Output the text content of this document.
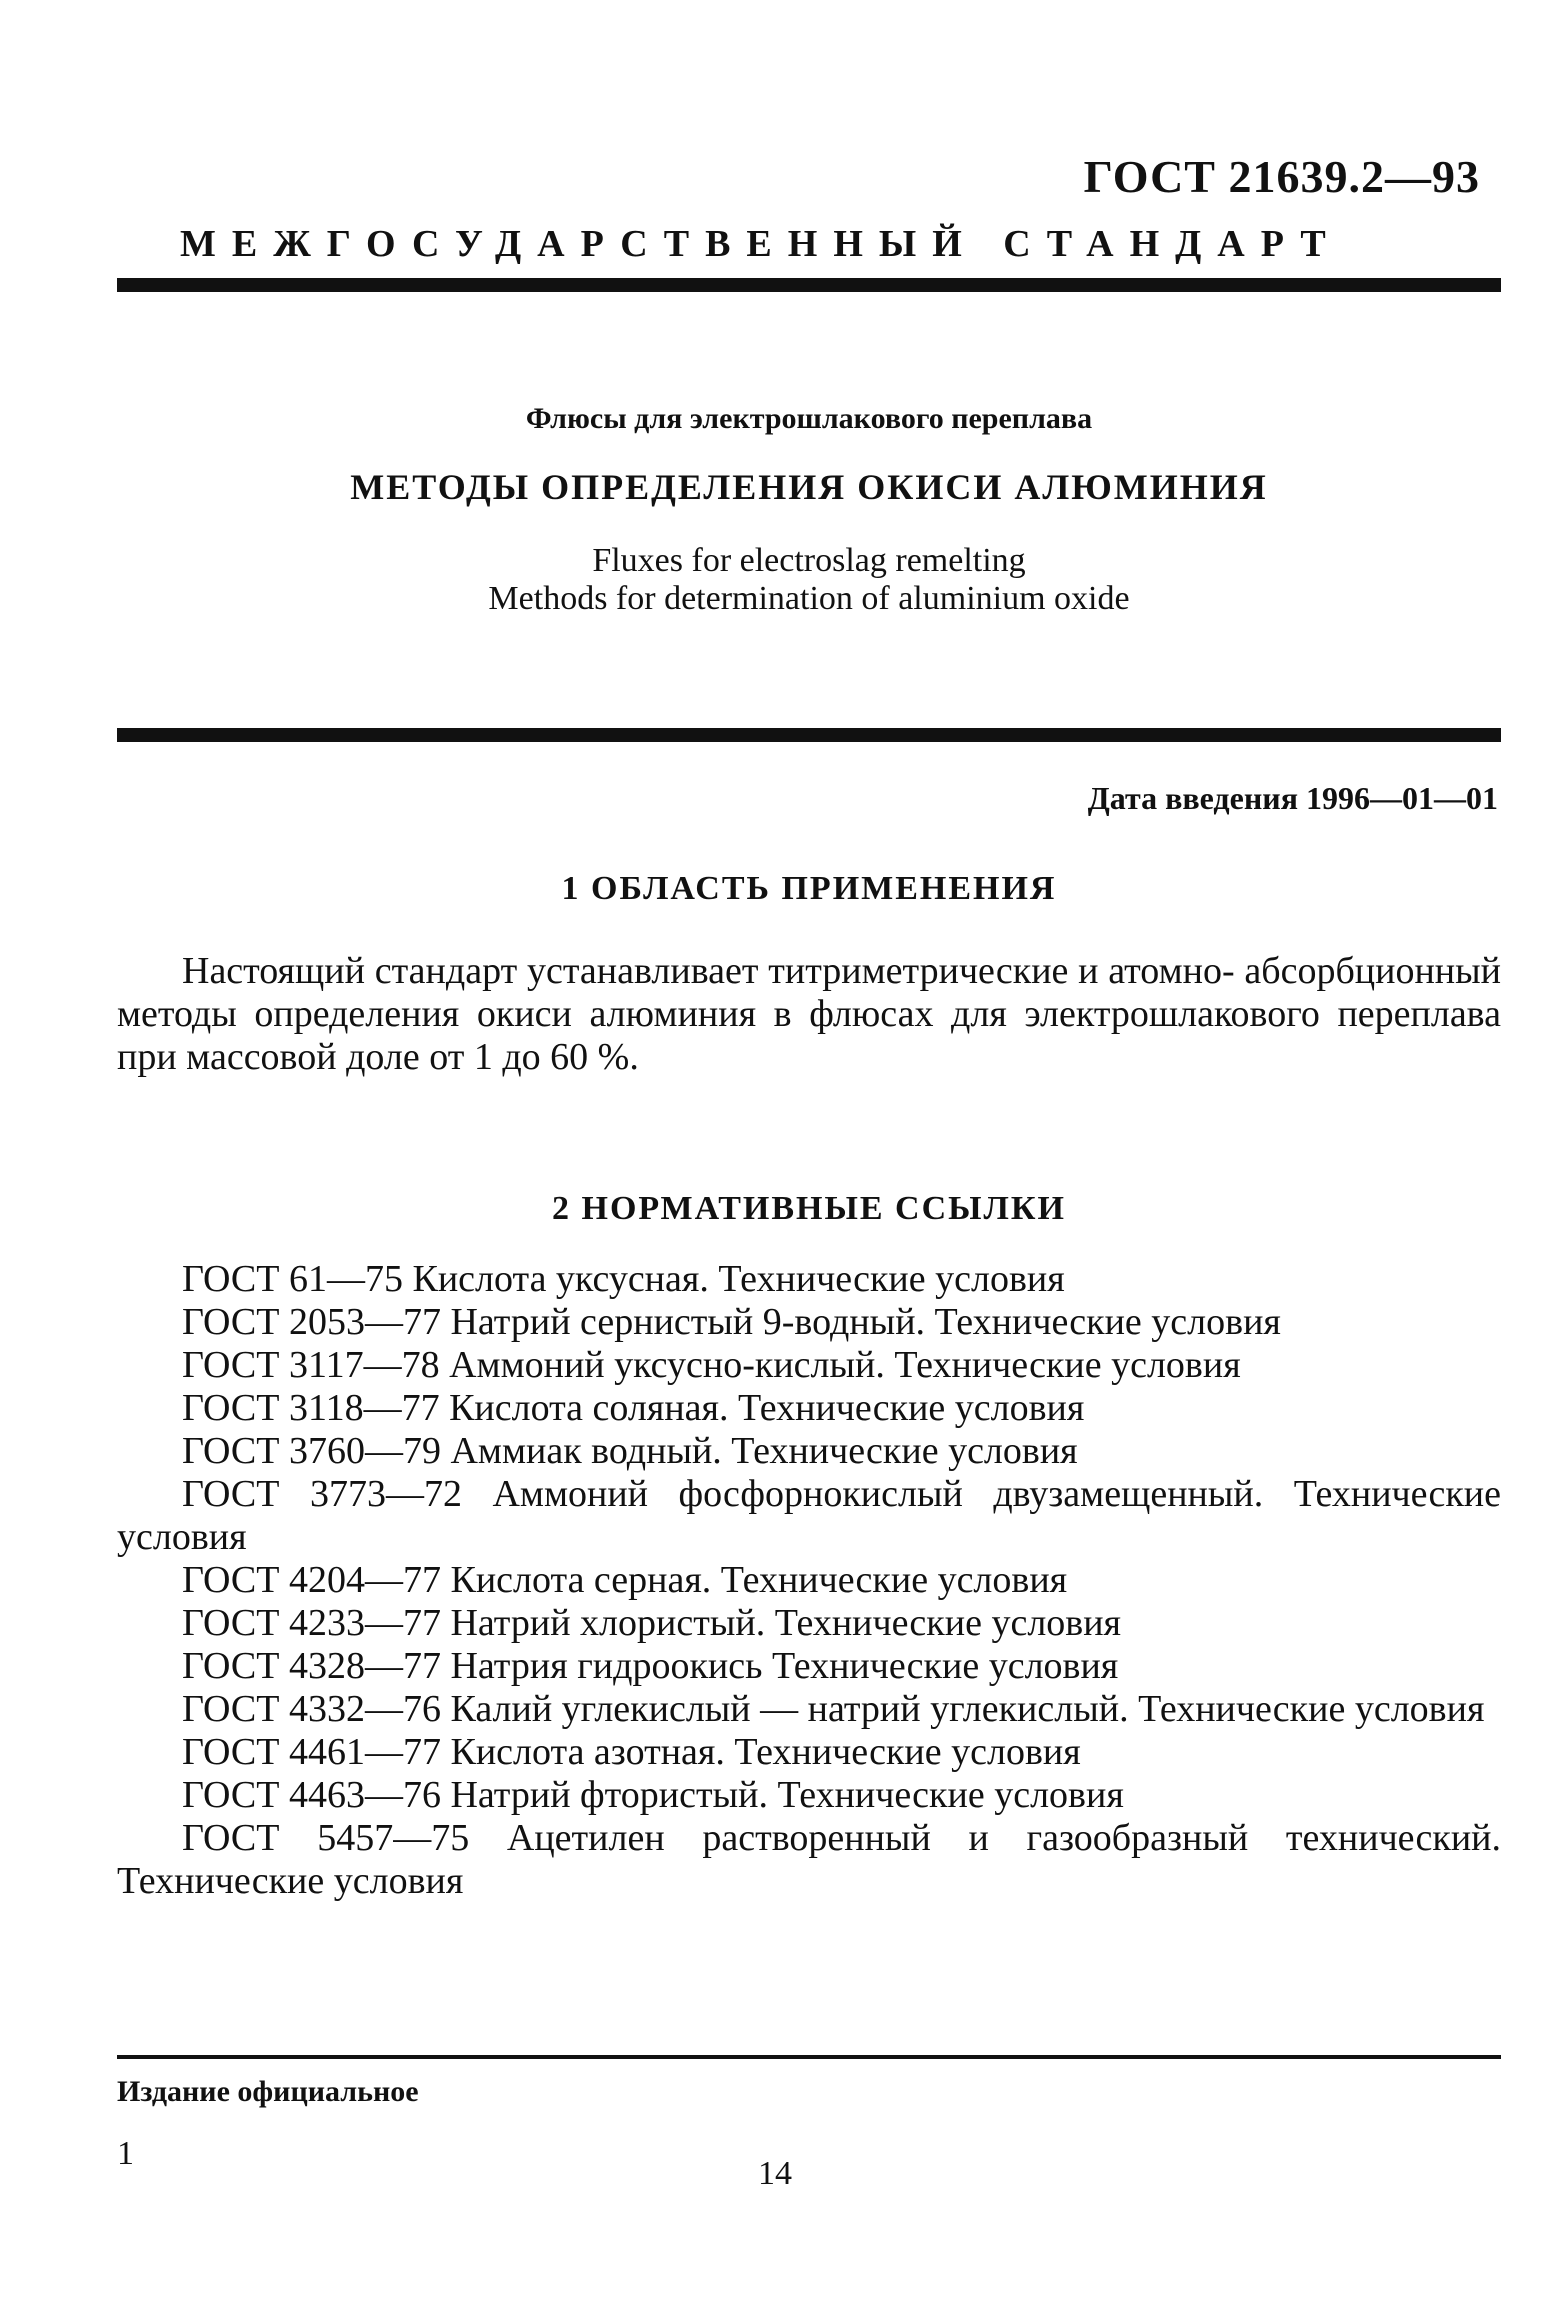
ГОСТ 21639.2—93
МЕЖГОСУДАРСТВЕННЫЙ СТАНДАРТ
Флюсы для электрошлакового переплава
МЕТОДЫ ОПРЕДЕЛЕНИЯ ОКИСИ АЛЮМИНИЯ
Fluxes for electroslag remelting
Methods for determination of aluminium oxide
Дата введения 1996—01—01
1 ОБЛАСТЬ ПРИМЕНЕНИЯ
Настоящий стандарт устанавливает титриметрические и атомно- абсорбционный методы определения окиси алюминия в флюсах для электрошлакового переплава при массовой доле от 1 до 60 %.
2 НОРМАТИВНЫЕ ССЫЛКИ

ГОСТ 61—75 Кислота уксусная. Технические условия

ГОСТ 2053—77 Натрий сернистый 9-водный. Технические условия

ГОСТ 3117—78 Аммоний уксусно-кислый. Технические условия

ГОСТ 3118—77 Кислота соляная. Технические условия

ГОСТ 3760—79 Аммиак водный. Технические условия

ГОСТ 3773—72 Аммоний фосфорнокислый двузамещенный. Технические условия

ГОСТ 4204—77 Кислота серная. Технические условия

ГОСТ 4233—77 Натрий хлористый. Технические условия

ГОСТ 4328—77 Натрия гидроокись Технические условия

ГОСТ 4332—76 Калий углекислый — натрий углекислый. Технические условия

ГОСТ 4461—77 Кислота азотная. Технические условия

ГОСТ 4463—76 Натрий фтористый. Технические условия

ГОСТ 5457—75 Ацетилен растворенный и газообразный технический. Технические условия

Издание официальное
1
14
